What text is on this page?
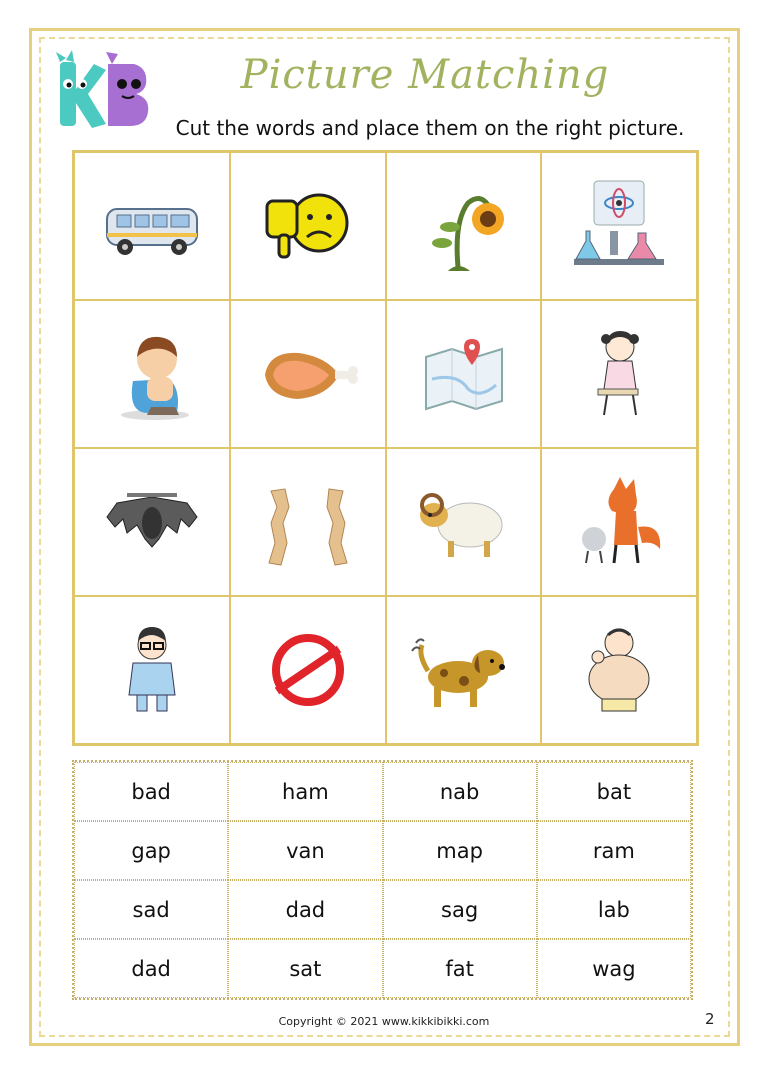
Picture Matching
Cut the words and place them on the right picture.
bad	ham	nab	bat
gap	van	map	ram
sad	dad	sag	lab
dad	sat	fat	wag
Copyright © 2021 www.kikkibikki.com	2
